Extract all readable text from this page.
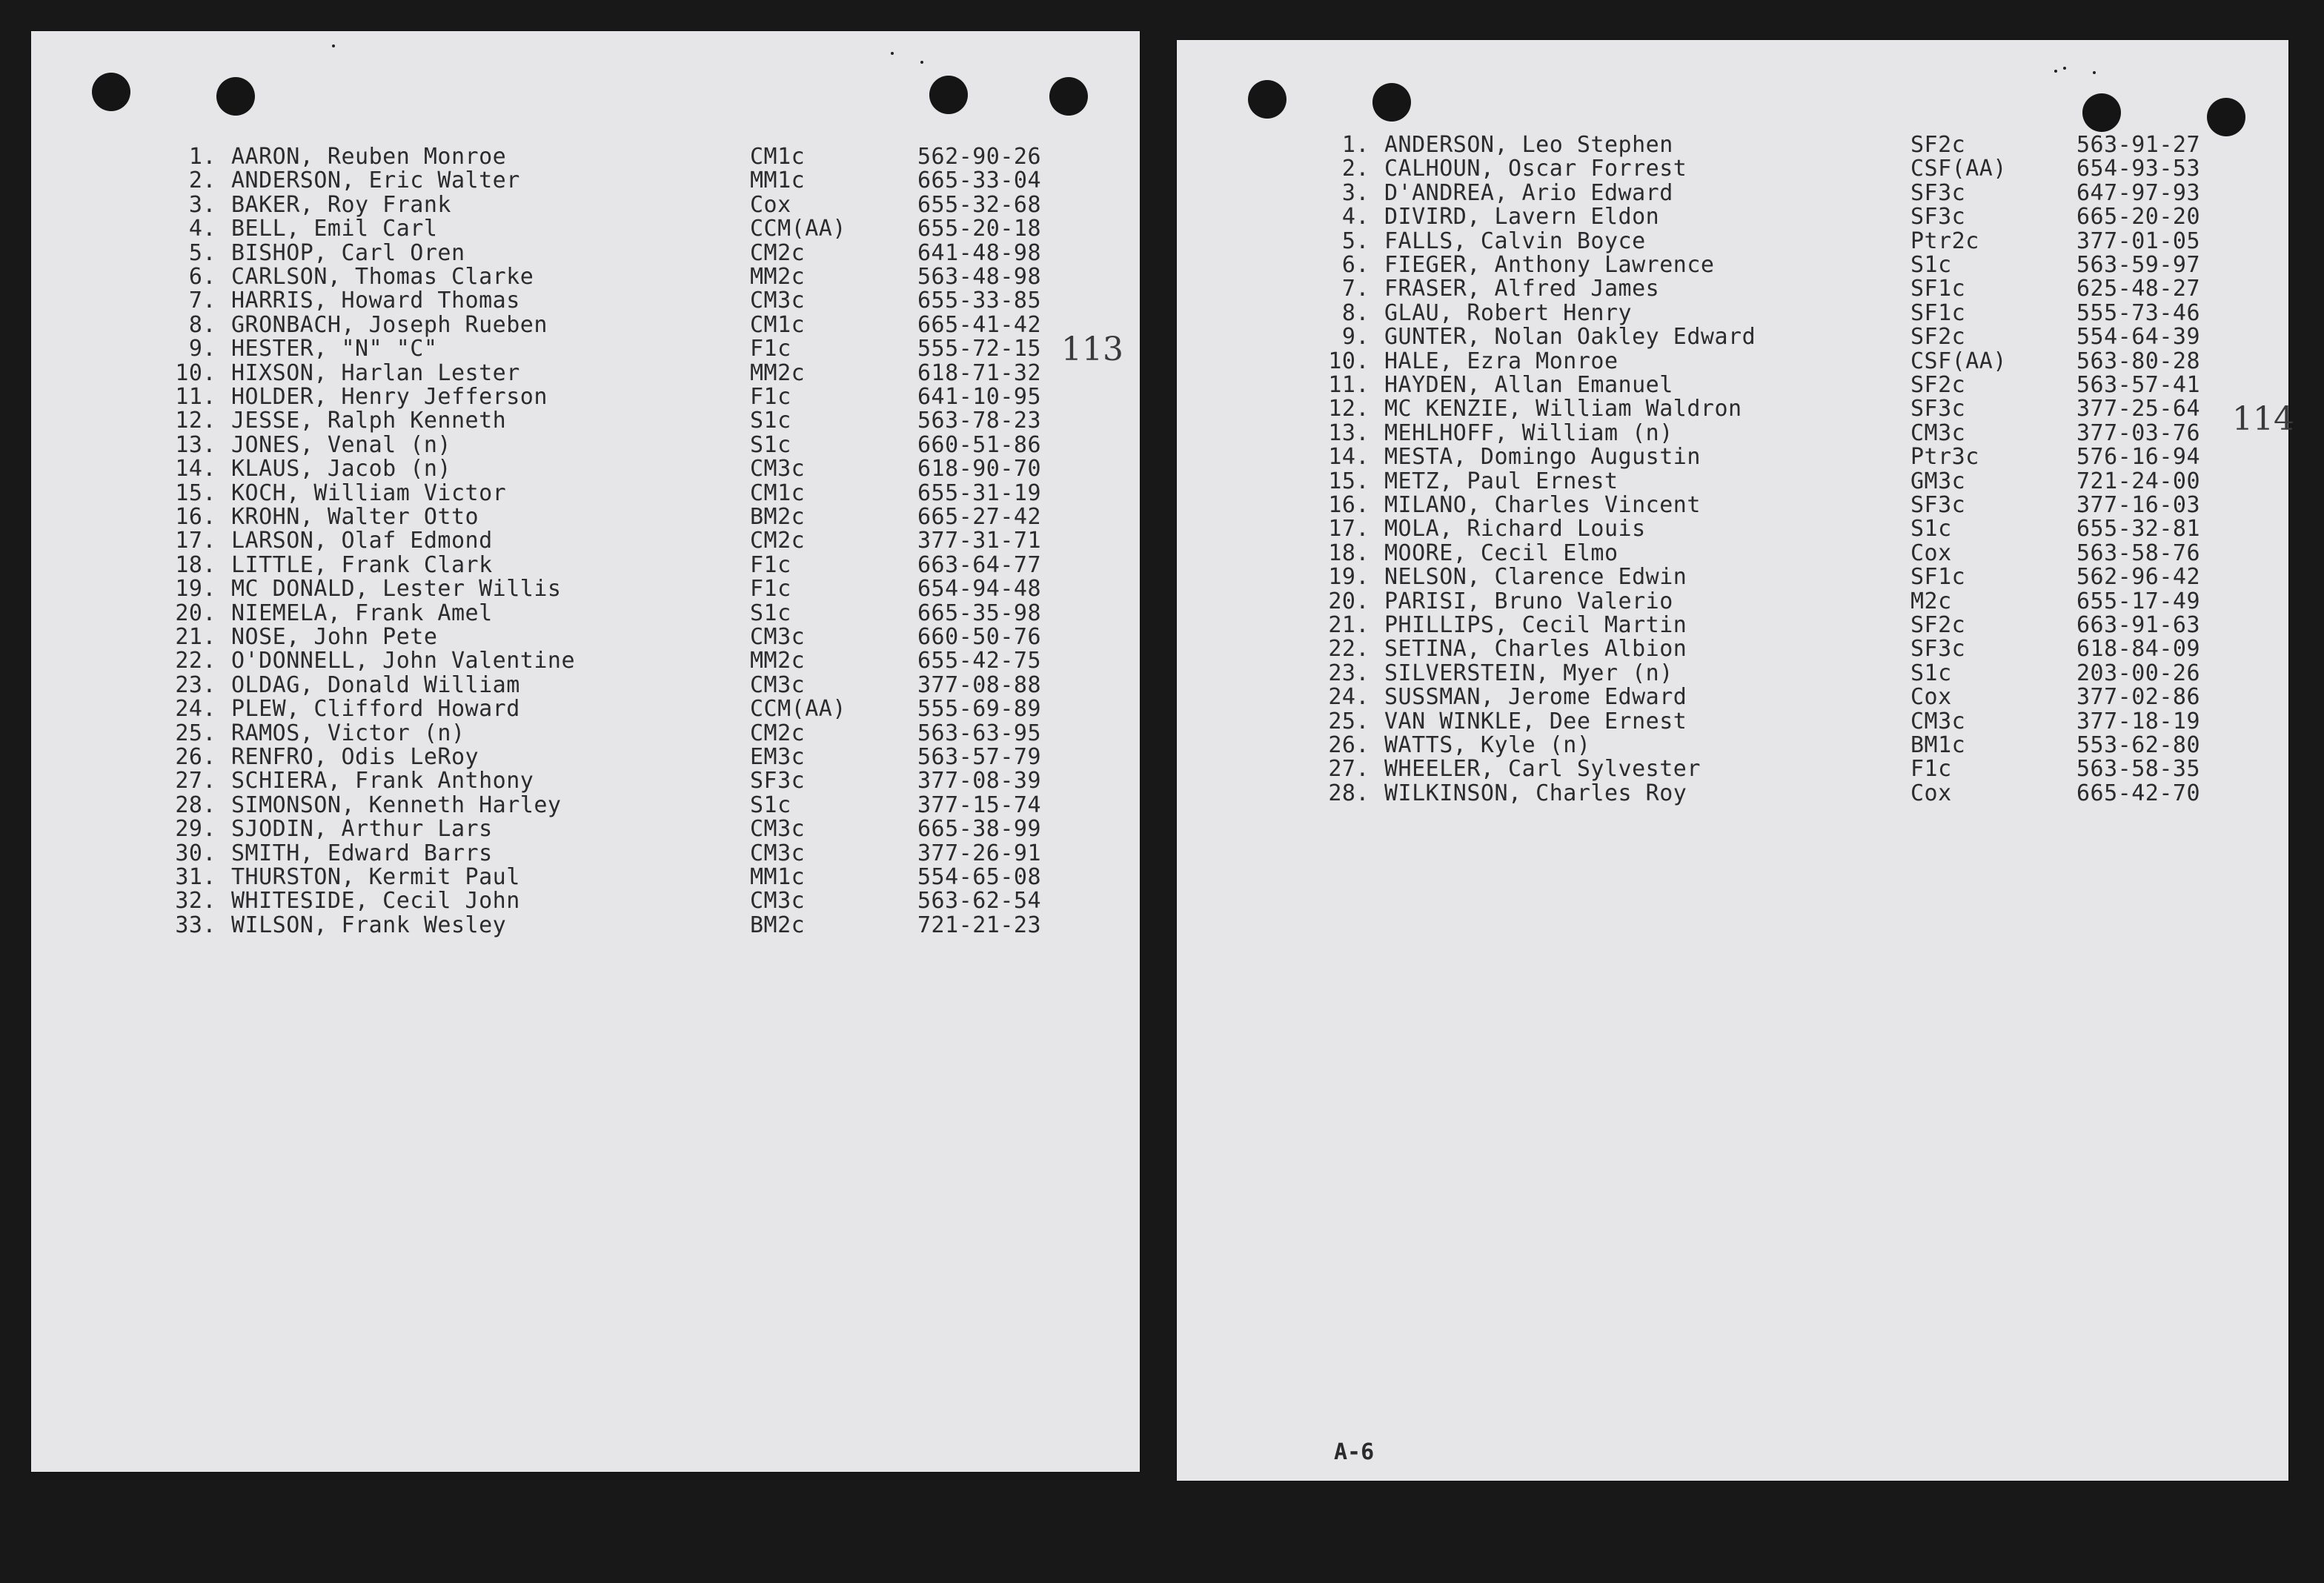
113
1. AARON, Reuben Monroe	CM1c	562-90-26
2. ANDERSON, Eric Walter	MM1c	665-33-04
3. BAKER, Roy Frank	Cox	655-32-68
4. BELL, Emil Carl	CCM(AA)	655-20-18
5. BISHOP, Carl Oren	CM2c	641-48-98
6. CARLSON, Thomas Clarke	MM2c	563-48-98
7. HARRIS, Howard Thomas	CM3c	655-33-85
8. GRONBACH, Joseph Rueben	CM1c	665-41-42
9. HESTER, "N" "C"	F1c	555-72-15
10. HIXSON, Harlan Lester	MM2c	618-71-32
11. HOLDER, Henry Jefferson	F1c	641-10-95
12. JESSE, Ralph Kenneth	S1c	563-78-23
13. JONES, Venal (n)	S1c	660-51-86
14. KLAUS, Jacob (n)	CM3c	618-90-70
15. KOCH, William Victor	CM1c	655-31-19
16. KROHN, Walter Otto	BM2c	665-27-42
17. LARSON, Olaf Edmond	CM2c	377-31-71
18. LITTLE, Frank Clark	F1c	663-64-77
19. MC DONALD, Lester Willis	F1c	654-94-48
20. NIEMELA, Frank Amel	S1c	665-35-98
21. NOSE, John Pete	CM3c	660-50-76
22. O'DONNELL, John Valentine	MM2c	655-42-75
23. OLDAG, Donald William	CM3c	377-08-88
24. PLEW, Clifford Howard	CCM(AA)	555-69-89
25. RAMOS, Victor (n)	CM2c	563-63-95
26. RENFRO, Odis LeRoy	EM3c	563-57-79
27. SCHIERA, Frank Anthony	SF3c	377-08-39
28. SIMONSON, Kenneth Harley	S1c	377-15-74
29. SJODIN, Arthur Lars	CM3c	665-38-99
30. SMITH, Edward Barrs	CM3c	377-26-91
31. THURSTON, Kermit Paul	MM1c	554-65-08
32. WHITESIDE, Cecil John	CM3c	563-62-54
33. WILSON, Frank Wesley	BM2c	721-21-23
114
A-6
1. ANDERSON, Leo Stephen	SF2c	563-91-27
2. CALHOUN, Oscar Forrest	CSF(AA)	654-93-53
3. D'ANDREA, Ario Edward	SF3c	647-97-93
4. DIVIRD, Lavern Eldon	SF3c	665-20-20
5. FALLS, Calvin Boyce	Ptr2c	377-01-05
6. FIEGER, Anthony Lawrence	S1c	563-59-97
7. FRASER, Alfred James	SF1c	625-48-27
8. GLAU, Robert Henry	SF1c	555-73-46
9. GUNTER, Nolan Oakley Edward	SF2c	554-64-39
10. HALE, Ezra Monroe	CSF(AA)	563-80-28
11. HAYDEN, Allan Emanuel	SF2c	563-57-41
12. MC KENZIE, William Waldron	SF3c	377-25-64
13. MEHLHOFF, William (n)	CM3c	377-03-76
14. MESTA, Domingo Augustin	Ptr3c	576-16-94
15. METZ, Paul Ernest	GM3c	721-24-00
16. MILANO, Charles Vincent	SF3c	377-16-03
17. MOLA, Richard Louis	S1c	655-32-81
18. MOORE, Cecil Elmo	Cox	563-58-76
19. NELSON, Clarence Edwin	SF1c	562-96-42
20. PARISI, Bruno Valerio	M2c	655-17-49
21. PHILLIPS, Cecil Martin	SF2c	663-91-63
22. SETINA, Charles Albion	SF3c	618-84-09
23. SILVERSTEIN, Myer (n)	S1c	203-00-26
24. SUSSMAN, Jerome Edward	Cox	377-02-86
25. VAN WINKLE, Dee Ernest	CM3c	377-18-19
26. WATTS, Kyle (n)	BM1c	553-62-80
27. WHEELER, Carl Sylvester	F1c	563-58-35
28. WILKINSON, Charles Roy	Cox	665-42-70
